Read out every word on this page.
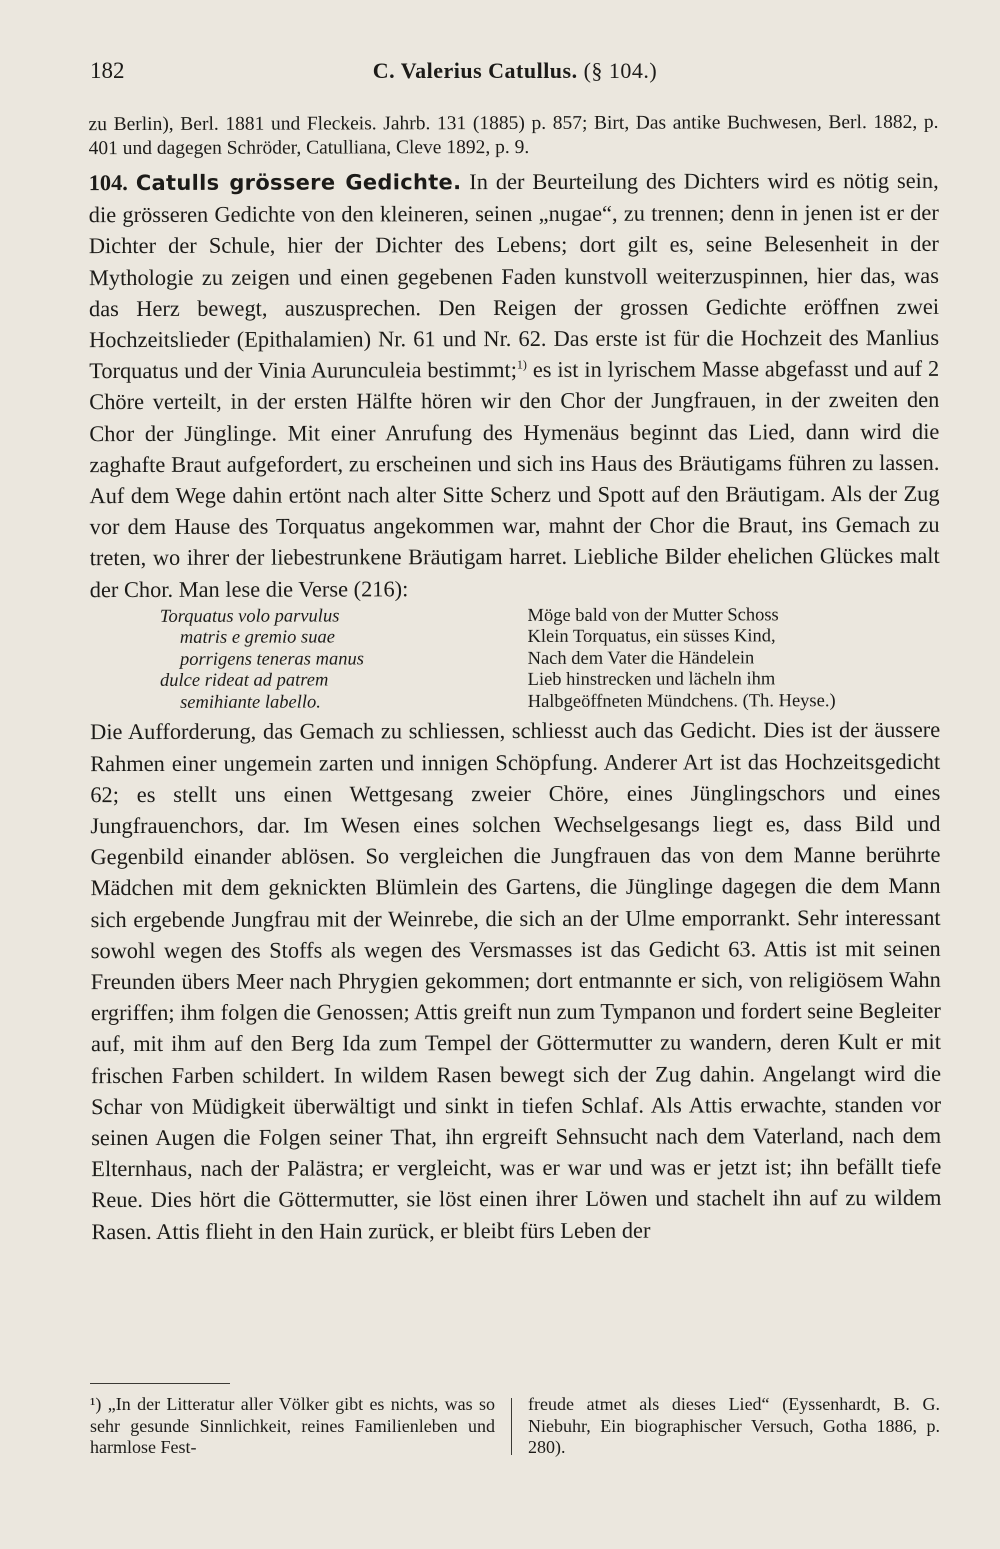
182	C. Valerius Catullus. (§ 104.)

zu Berlin), Berl. 1881 und Fleckeis. Jahrb. 131 (1885) p. 857; Birt, Das antike Buchwesen, Berl. 1882, p. 401 und dagegen Schröder, Catulliana, Cleve 1892, p. 9.

104. Catulls grössere Gedichte. In der Beurteilung des Dichters wird es nötig sein, die grösseren Gedichte von den kleineren, seinen „nugae“, zu trennen; denn in jenen ist er der Dichter der Schule, hier der Dichter des Lebens; dort gilt es, seine Belesenheit in der Mythologie zu zeigen und einen gegebenen Faden kunstvoll weiterzuspinnen, hier das, was das Herz bewegt, auszusprechen. Den Reigen der grossen Gedichte eröffnen zwei Hochzeitslieder (Epithalamien) Nr. 61 und Nr. 62. Das erste ist für die Hochzeit des Manlius Torquatus und der Vinia Aurunculeia bestimmt;$^{1)}$ es ist in lyrischem Masse abgefasst und auf 2 Chöre verteilt, in der ersten Hälfte hören wir den Chor der Jungfrauen, in der zweiten den Chor der Jünglinge. Mit einer Anrufung des Hymenäus beginnt das Lied, dann wird die zaghafte Braut aufgefordert, zu erscheinen und sich ins Haus des Bräutigams führen zu lassen. Auf dem Wege dahin ertönt nach alter Sitte Scherz und Spott auf den Bräutigam. Als der Zug vor dem Hause des Torquatus angekommen war, mahnt der Chor die Braut, ins Gemach zu treten, wo ihrer der liebestrunkene Bräutigam harret. Liebliche Bilder ehelichen Glückes malt der Chor. Man lese die Verse (216):

Torquatus volo parvulus
matris e gremio suae
porrigens teneras manus
dulce rideat ad patrem
semihiante labello.
Möge bald von der Mutter Schoss
Klein Torquatus, ein süsses Kind,
Nach dem Vater die Händelein
Lieb hinstrecken und lächeln ihm
Halbgeöffneten Mündchens. (Th. Heyse.)

Die Aufforderung, das Gemach zu schliessen, schliesst auch das Gedicht. Dies ist der äussere Rahmen einer ungemein zarten und innigen Schöpfung. Anderer Art ist das Hochzeitsgedicht 62; es stellt uns einen Wettgesang zweier Chöre, eines Jünglingschors und eines Jungfrauenchors, dar. Im Wesen eines solchen Wechselgesangs liegt es, dass Bild und Gegenbild einander ablösen. So vergleichen die Jungfrauen das von dem Manne berührte Mädchen mit dem geknickten Blümlein des Gartens, die Jünglinge dagegen die dem Mann sich ergebende Jungfrau mit der Weinrebe, die sich an der Ulme emporrankt. Sehr interessant sowohl wegen des Stoffs als wegen des Versmasses ist das Gedicht 63. Attis ist mit seinen Freunden übers Meer nach Phrygien gekommen; dort entmannte er sich, von religiösem Wahn ergriffen; ihm folgen die Genossen; Attis greift nun zum Tympanon und fordert seine Begleiter auf, mit ihm auf den Berg Ida zum Tempel der Göttermutter zu wandern, deren Kult er mit frischen Farben schildert. In wildem Rasen bewegt sich der Zug dahin. Angelangt wird die Schar von Müdigkeit überwältigt und sinkt in tiefen Schlaf. Als Attis erwachte, standen vor seinen Augen die Folgen seiner That, ihn ergreift Sehnsucht nach dem Vaterland, nach dem Elternhaus, nach der Palästra; er vergleicht, was er war und was er jetzt ist; ihn befällt tiefe Reue. Dies hört die Göttermutter, sie löst einen ihrer Löwen und stachelt ihn auf zu wildem Rasen. Attis flieht in den Hain zurück, er bleibt fürs Leben der

¹) „In der Litteratur aller Völker gibt es nichts, was so sehr gesunde Sinnlichkeit, reines Familienleben und harmlose Fest-
freude atmet als dieses Lied“ (Eyssenhardt, B. G. Niebuhr, Ein biographischer Versuch, Gotha 1886, p. 280).
